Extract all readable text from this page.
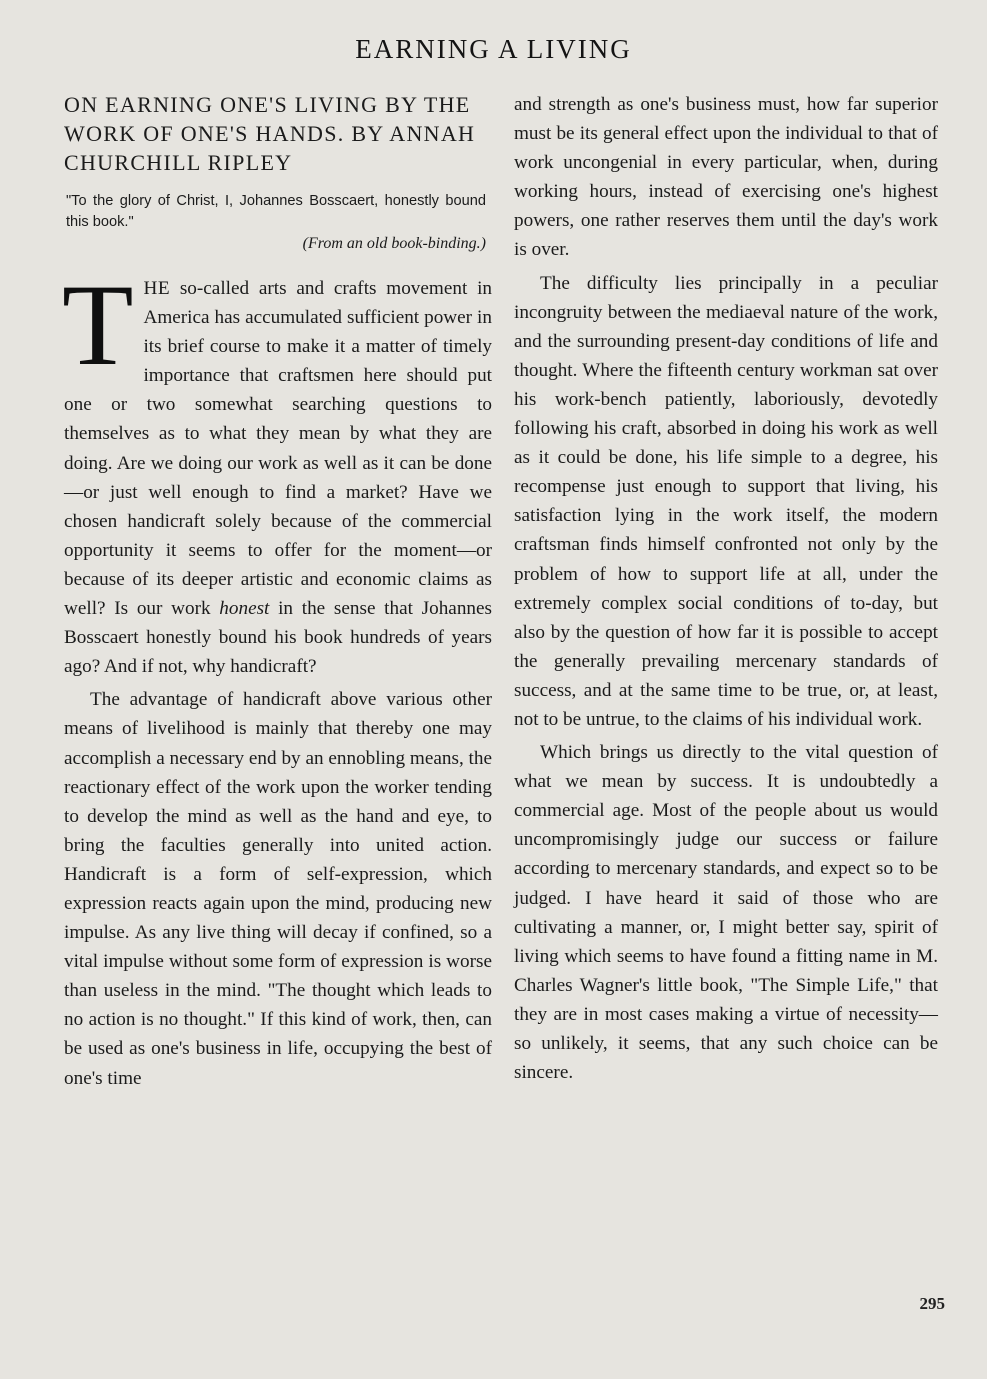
EARNING A LIVING
ON EARNING ONE'S LIVING BY THE WORK OF ONE'S HANDS. BY ANNAH CHURCHILL RIPLEY

"To the glory of Christ, I, Johannes Bosscaert, honestly bound this book."

(From an old book-binding.)

THE so-called arts and crafts movement in America has accumulated sufficient power in its brief course to make it a matter of timely importance that craftsmen here should put one or two somewhat searching questions to themselves as to what they mean by what they are doing. Are we doing our work as well as it can be done—or just well enough to find a market? Have we chosen handicraft solely because of the commercial opportunity it seems to offer for the moment—or because of its deeper artistic and economic claims as well? Is our work honest in the sense that Johannes Bosscaert honestly bound his book hundreds of years ago? And if not, why handicraft?

The advantage of handicraft above various other means of livelihood is mainly that thereby one may accomplish a necessary end by an ennobling means, the reactionary effect of the work upon the worker tending to develop the mind as well as the hand and eye, to bring the faculties generally into united action. Handicraft is a form of self-expression, which expression reacts again upon the mind, producing new impulse. As any live thing will decay if confined, so a vital impulse without some form of expression is worse than useless in the mind. "The thought which leads to no action is no thought." If this kind of work, then, can be used as one's business in life, occupying the best of one's time

and strength as one's business must, how far superior must be its general effect upon the individual to that of work uncongenial in every particular, when, during working hours, instead of exercising one's highest powers, one rather reserves them until the day's work is over.

The difficulty lies principally in a peculiar incongruity between the mediaeval nature of the work, and the surrounding present-day conditions of life and thought. Where the fifteenth century workman sat over his work-bench patiently, laboriously, devotedly following his craft, absorbed in doing his work as well as it could be done, his life simple to a degree, his recompense just enough to support that living, his satisfaction lying in the work itself, the modern craftsman finds himself confronted not only by the problem of how to support life at all, under the extremely complex social conditions of to-day, but also by the question of how far it is possible to accept the generally prevailing mercenary standards of success, and at the same time to be true, or, at least, not to be untrue, to the claims of his individual work.

Which brings us directly to the vital question of what we mean by success. It is undoubtedly a commercial age. Most of the people about us would uncompromisingly judge our success or failure according to mercenary standards, and expect so to be judged. I have heard it said of those who are cultivating a manner, or, I might better say, spirit of living which seems to have found a fitting name in M. Charles Wagner's little book, "The Simple Life," that they are in most cases making a virtue of necessity—so unlikely, it seems, that any such choice can be sincere.

295
